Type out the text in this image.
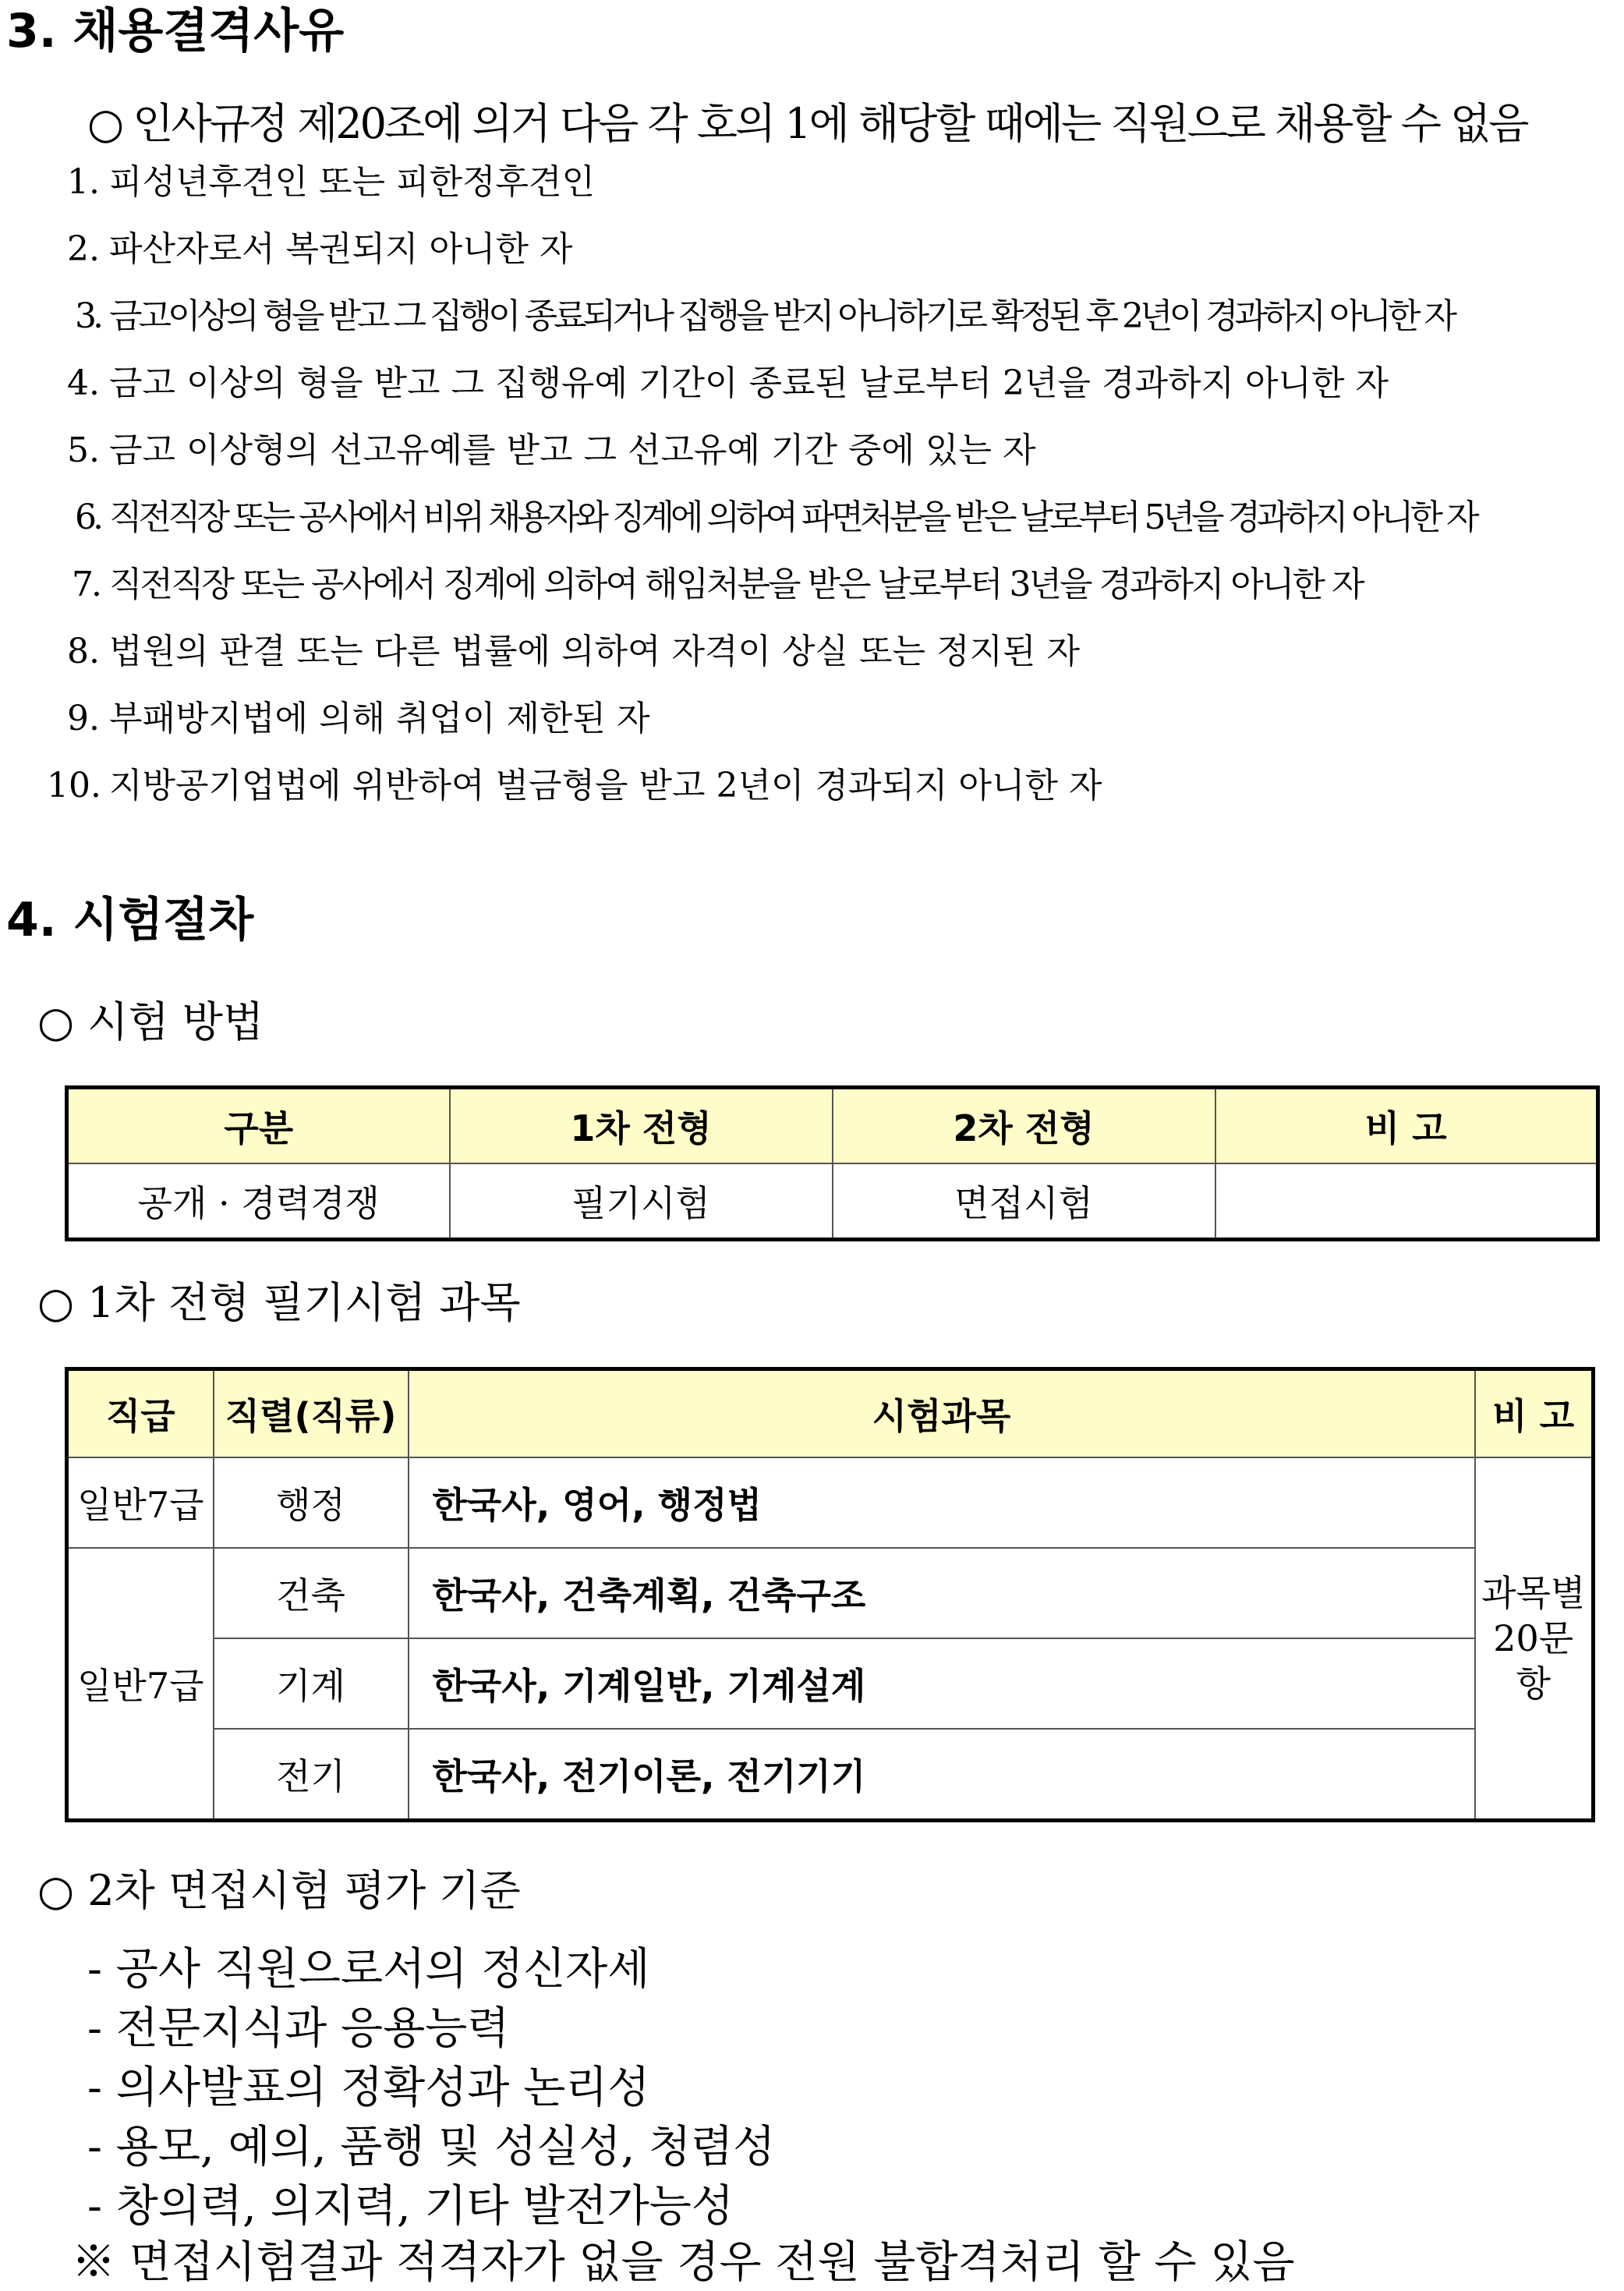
3. 채용결격사유
○ 인사규정 제20조에 의거 다음 각 호의 1에 해당할 때에는 직원으로 채용할 수 없음
1. 피성년후견인 또는 피한정후견인
2. 파산자로서 복권되지 아니한 자
3. 금고이상의 형을 받고 그 집행이 종료되거나 집행을 받지 아니하기로 확정된 후 2년이 경과하지 아니한 자
4. 금고 이상의 형을 받고 그 집행유예 기간이 종료된 날로부터 2년을 경과하지 아니한 자
5. 금고 이상형의 선고유예를 받고 그 선고유예 기간 중에 있는 자
6. 직전직장 또는 공사에서 비위 채용자와 징계에 의하여 파면처분을 받은 날로부터 5년을 경과하지 아니한 자
7. 직전직장 또는 공사에서 징계에 의하여 해임처분을 받은 날로부터 3년을 경과하지 아니한 자
8. 법원의 판결 또는 다른 법률에 의하여 자격이 상실 또는 정지된 자
9. 부패방지법에 의해 취업이 제한된 자
10. 지방공기업법에 위반하여 벌금형을 받고 2년이 경과되지 아니한 자
4. 시험절차
○ 시험 방법
구분	1차 전형	2차 전형	비 고
공개 · 경력경쟁	필기시험	면접시험	
○ 1차 전형 필기시험 과목
직급	직렬(직류)	시험과목	비 고
일반7급	행정	한국사, 영어, 행정법	과목별
20문항
일반7급	건축	한국사, 건축계획, 건축구조	
	기계	한국사, 기계일반, 기계설계	
	전기	한국사, 전기이론, 전기기기	
○ 2차 면접시험 평가 기준
- 공사 직원으로서의 정신자세
- 전문지식과 응용능력
- 의사발표의 정확성과 논리성
- 용모, 예의, 품행 및 성실성, 청렴성
- 창의력, 의지력, 기타 발전가능성
※ 면접시험결과 적격자가 없을 경우 전원 불합격처리 할 수 있음
